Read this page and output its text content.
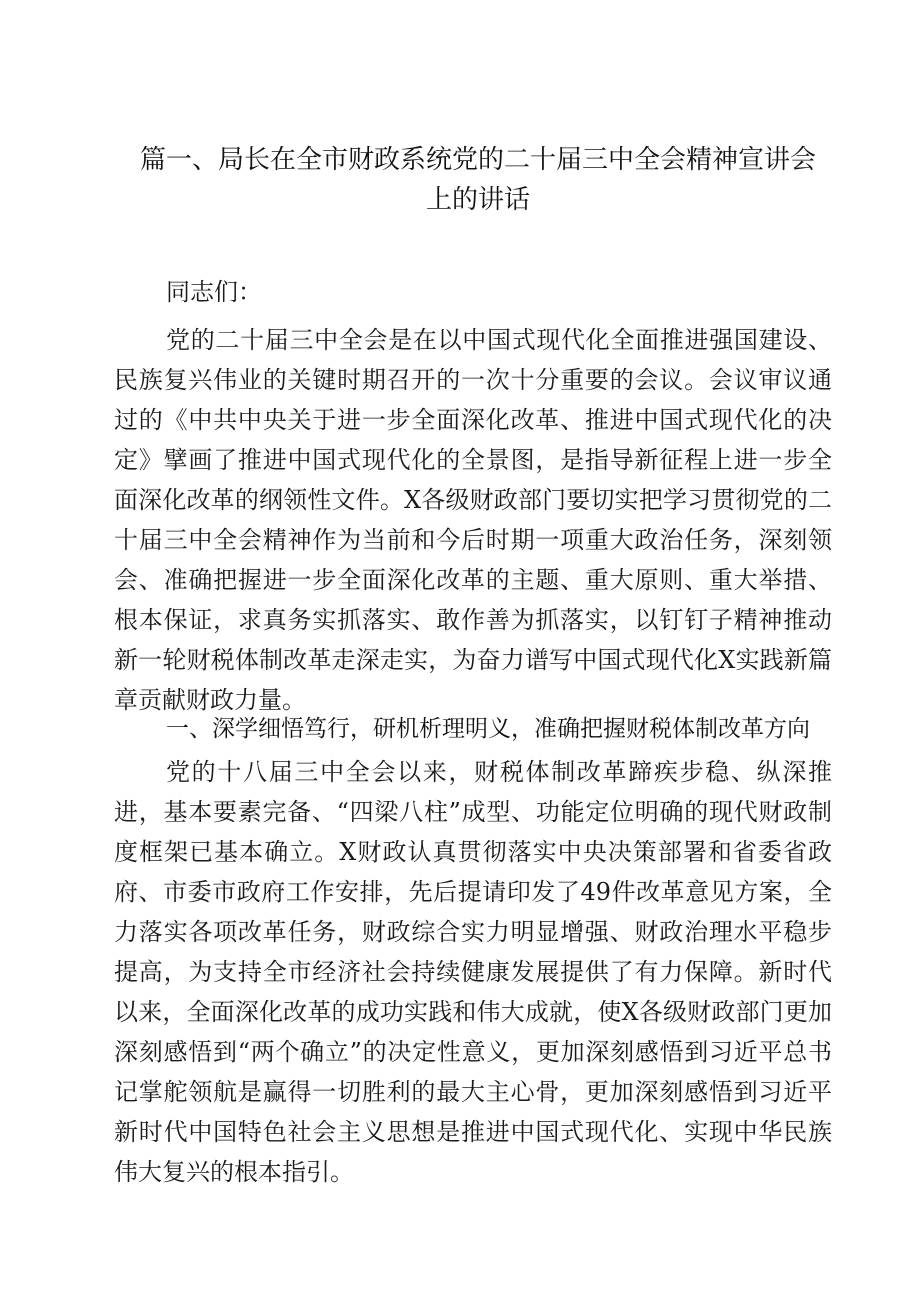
篇一、局长在全市财政系统党的二十届三中全会精神宣讲会上的讲话
同志们：
党的二十届三中全会是在以中国式现代化全面推进强国建设、民族复兴伟业的关键时期召开的一次十分重要的会议。会议审议通过的《中共中央关于进一步全面深化改革、推进中国式现代化的决定》擘画了推进中国式现代化的全景图，是指导新征程上进一步全面深化改革的纲领性文件。X各级财政部门要切实把学习贯彻党的二十届三中全会精神作为当前和今后时期一项重大政治任务，深刻领会、准确把握进一步全面深化改革的主题、重大原则、重大举措、根本保证，求真务实抓落实、敢作善为抓落实，以钉钉子精神推动新一轮财税体制改革走深走实，为奋力谱写中国式现代化X实践新篇章贡献财政力量。
一、深学细悟笃行，研机析理明义，准确把握财税体制改革方向
党的十八届三中全会以来，财税体制改革蹄疾步稳、纵深推进，基本要素完备、“四梁八柱”成型、功能定位明确的现代财政制度框架已基本确立。X财政认真贯彻落实中央决策部署和省委省政府、市委市政府工作安排，先后提请印发了49件改革意见方案，全力落实各项改革任务，财政综合实力明显增强、财政治理水平稳步提高，为支持全市经济社会持续健康发展提供了有力保障。新时代以来，全面深化改革的成功实践和伟大成就，使X各级财政部门更加深刻感悟到“两个确立”的决定性意义，更加深刻感悟到习近平总书记掌舵领航是赢得一切胜利的最大主心骨，更加深刻感悟到习近平新时代中国特色社会主义思想是推进中国式现代化、实现中华民族伟大复兴的根本指引。
